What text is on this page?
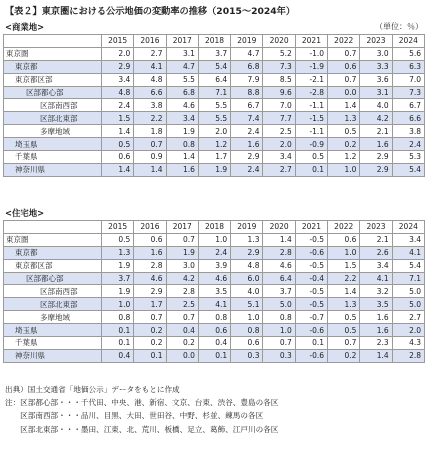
【表２】東京圏における公示地価の変動率の推移（2015～2024年）
<商業地>	（単位：％）
	2015	2016	2017	2018	2019	2020	2021	2022	2023	2024
東京圏	2.0	2.7	3.1	3.7	4.7	5.2	-1.0	0.7	3.0	5.6
東京都	2.9	4.1	4.7	5.4	6.8	7.3	-1.9	0.6	3.3	6.3
東京都区部	3.4	4.8	5.5	6.4	7.9	8.5	-2.1	0.7	3.6	7.0
区部都心部	4.8	6.6	6.8	7.1	8.8	9.6	-2.8	0.0	3.1	7.3
区部南西部	2.4	3.8	4.6	5.5	6.7	7.0	-1.1	1.4	4.0	6.7
区部北東部	1.5	2.2	3.4	5.5	7.4	7.7	-1.5	1.3	4.2	6.6
多摩地域	1.4	1.8	1.9	2.0	2.4	2.5	-1.1	0.5	2.1	3.8
埼玉県	0.5	0.7	0.8	1.2	1.6	2.0	-0.9	0.2	1.6	2.4
千葉県	0.6	0.9	1.4	1.7	2.9	3.4	0.5	1.2	2.9	5.3
神奈川県	1.4	1.4	1.6	1.9	2.4	2.7	0.1	1.0	2.9	5.4
<住宅地>
	2015	2016	2017	2018	2019	2020	2021	2022	2023	2024
東京圏	0.5	0.6	0.7	1.0	1.3	1.4	-0.5	0.6	2.1	3.4
東京都	1.3	1.6	1.9	2.4	2.9	2.8	-0.6	1.0	2.6	4.1
東京都区部	1.9	2.8	3.0	3.9	4.8	4.6	-0.5	1.5	3.4	5.4
区部都心部	3.7	4.6	4.2	4.6	6.0	6.4	-0.4	2.2	4.1	7.1
区部南西部	1.9	2.9	2.8	3.5	4.0	3.7	-0.5	1.4	3.2	5.0
区部北東部	1.0	1.7	2.5	4.1	5.1	5.0	-0.5	1.3	3.5	5.0
多摩地域	0.8	0.7	0.7	0.8	1.0	0.8	-0.7	0.5	1.6	2.7
埼玉県	0.1	0.2	0.4	0.6	0.8	1.0	-0.6	0.5	1.6	2.0
千葉県	0.1	0.2	0.2	0.4	0.6	0.7	0.1	0.7	2.3	4.3
神奈川県	0.4	0.1	0.0	0.1	0.3	0.3	-0.6	0.2	1.4	2.8
出典）国土交通省「地価公示」データをもとに作成
注：区部都心部・・・千代田、中央、港、新宿、文京、台東、渋谷、豊島の各区
　　区部南西部・・・品川、目黒、大田、世田谷、中野、杉並、練馬の各区
　　区部北東部・・・墨田、江東、北、荒川、板橋、足立、葛飾、江戸川の各区
